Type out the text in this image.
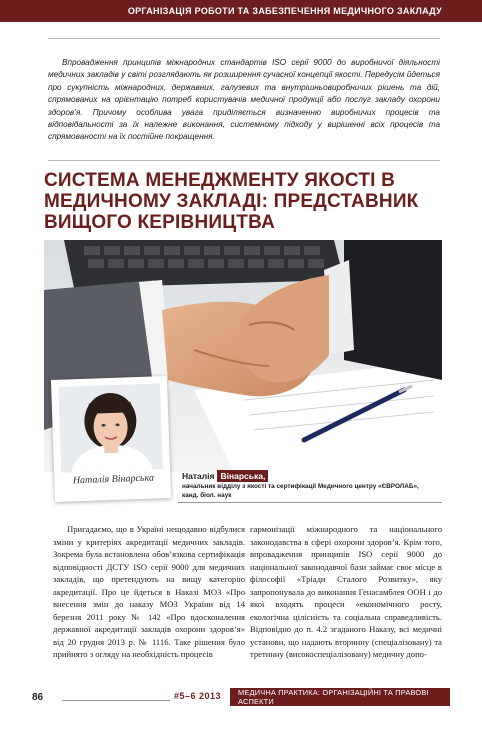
ОРГАНІЗАЦІЯ РОБОТИ ТА ЗАБЕЗПЕЧЕННЯ МЕДИЧНОГО ЗАКЛАДУ

Впровадження принципів міжнародних стандартів ISO серії 9000 до виробничої діяльності медичних закладів у світі розглядають як розширення сучасної концепції якості. Передусім йдеться про сукупність міжнародних, державних, галузевих та внутрішньовиробничих рішень та дій, спрямованих на орієнтацію потреб користувачів медичної продукції або послуг закладу охорони здоров’я. Причому особлива увага приділяється визначенню виробничих процесів та відповідальності за їх належне виконання, системному підходу у вирішенні всіх процесів та спрямованості на їх постійне покращення.

СИСТЕМА МЕНЕДЖМЕНТУ ЯКОСТІ В МЕДИЧНОМУ ЗАКЛАДІ: ПРЕДСТАВНИК ВИЩОГО КЕРІВНИЦТВА
Наталія Вінарська	Наталія Вінарська,
начальник відділу з якості та сертифікації Медичного центру «ЄВРОЛАБ», канд. біол. наук

Пригадаємо, що в Україні нещодавно відбулися зміни у критеріях акредитації медичних закладів. Зокрема була встановлена обов’язкова сертифікація відповідності ДСТУ ISO серії 9000 для медичних закладів, що претендують на вищу категорію акредитації. Про це йдеться в Наказі МОЗ «Про внесення змін до наказу МОЗ України від 14 березня 2011 року № 142 «Про вдосконалення державної акредитації закладів охорони здоров’я» від 20 грудня 2013 р. № 1116. Таке рішення було прийнято з огляду на необхідність процесів

гармонізації міжнародного та національного законодавства в сфері охорони здоров’я. Крім того, впровадження принципів ISO серії 9000 до національної законодавчої бази займає своє місце в філософії «Тріади Сталого Розвитку», яку запропонувала до виконання Генасамблея ООН і до якої входять процеси «економічного росту, екологічна цілісність та соціальна справедливість. Відповідно до п. 4.2 згаданого Наказу, всі медичні установи, що надають вторинну (спеціалізовану) та третинну (високоспеціалізовану) медичну допо-

86	#5–6 2013 МЕДИЧНА ПРАКТИКА: ОРГАНІЗАЦІЙНІ ТА ПРАВОВІ АСПЕКТИ
